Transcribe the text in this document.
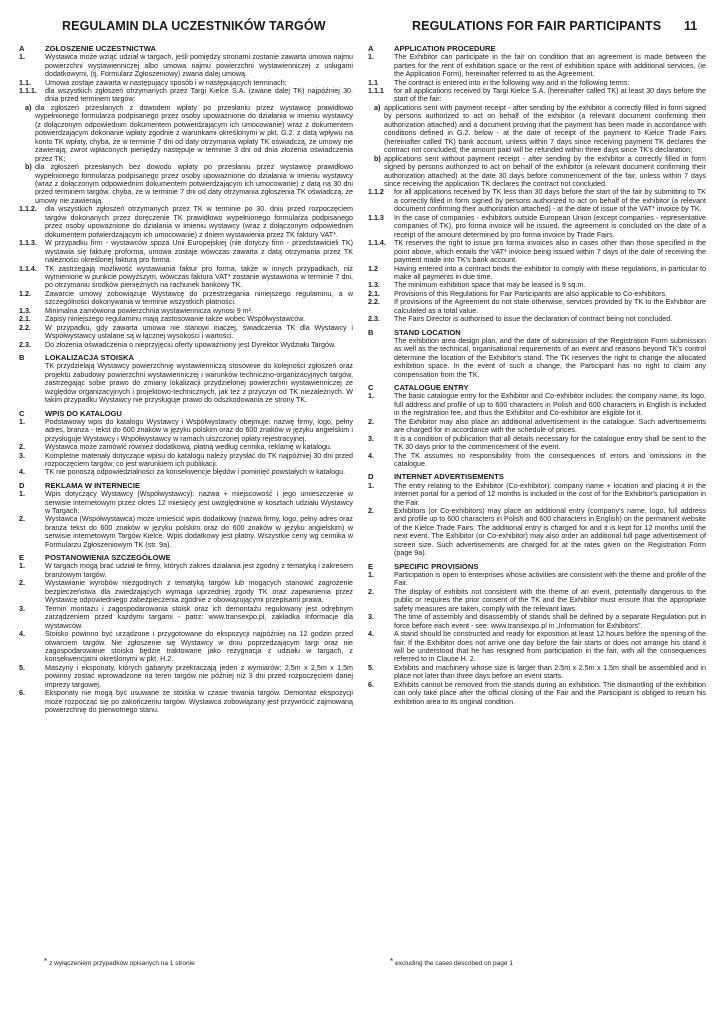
REGULAMIN DLA UCZESTNIKÓW TARGÓW	REGULATIONS FOR FAIR PARTICIPANTS 11
A	ZGŁOSZENIE UCZESTNICTWA
1.	Wystawca może wziąć udział w targach, jeśli pomiędzy stronami zostanie zawarta umowa najmu powierzchni wystawienniczej albo umowa najmu powierzchni wystawienniczej z usługami dodatkowymi, (tj. Formularz Zgłoszeniowy) zwana dalej umową.
1.1.	Umowa zostaje zawarta w następujący sposób i w następujących terminach:
1.1.1.	dla wszystkich zgłoszeń otrzymanych przez Targi Kielce S.A. (zwane dalej TK) najpóźniej 30. dnia przed terminem targów:
a) dla zgłoszeń przesłanych z dowodem wpłaty po przesłaniu przez wystawcę prawidłowo wypełnionego formularza podpisanego przez osoby upoważnione do działania w imieniu wystawcy (z dołączonym odpowiednim dokumentem potwierdzającym ich umocowanie) wraz z dokumentem potwierdzającym dokonanie wpłaty zgodnie z warunkami określonymi w pkt. G.2. z datą wpływu na konto TK wpłaty, chyba, że w terminie 7 dni od daty otrzymania wpłaty TK oświadczą, że umowy nie zawierają; zwrot wpłaconych pieniędzy następuje w terminie 3 dni od dnia złożenia oświadczenia przez TK;
b) dla zgłoszeń przesłanych bez dowodu wpłaty po przesłaniu przez wystawcę prawidłowo wypełnionego formularza podpisanego przez osoby upoważnione do działania w imieniu wystawcy (wraz z dołączonym odpowiednim dokumentem potwierdzającym ich umocowanie) z datą na 30 dni przed terminem targów, chyba, że w terminie 7 dni od daty otrzymania zgłoszenia TK oświadczą, że umowy nie zawierają.
1.1.2.	dla wszystkich zgłoszeń otrzymanych przez TK w terminie po 30. dniu przed rozpoczęciem targów dokonanych przez doręczenie TK prawidłowo wypełnionego formularza podpisanego przez osoby upoważnione do działania w imieniu wystawcy (wraz z dołączonym odpowiednim dokumentem potwierdzającym ich umocowanie) z dniem wystawienia przez TK faktury VAT*.
1.1.3.	W przypadku firm - wystawców spoza Unii Europejskiej (nie dotyczy firm - przedstawicieli TK) wystawia się fakturę proforma, umowa zostaje wówczas zawarta z datą otrzymania przez TK należności określonej fakturą pro forma.
1.1.4.	TK zastrzegają możliwość wystawiania faktur pro forma, także w innych przypadkach, niż wymienione w punkcie powyższym, wówczas faktura VAT* zostanie wystawiona w terminie 7 dni, po otrzymaniu środków pieniężnych na rachunek bankowy TK.
1.2.	Zawarcie umowy zobowiązuje Wystawcę do przestrzegania niniejszego regulaminu, a w szczególności dokonywania w terminie wszystkich płatności.
1.3.	Minimalna zamówiona powierzchnia wystawiennicza wynosi 9 m².
2.1.	Zapisy niniejszego regulaminu mają zastosowanie także wobec Współwystawców.
2.2.	W przypadku, gdy zawarta umowa nie stanowi inaczej, świadczenia TK dla Wystawcy i Współwystawcy ustalane są w łącznej wysokości i wartości.
2.3.	Do złożenia oświadczenia o nieprzyjęciu oferty upoważniony jest Dyrektor Wydziału Targów.
B	LOKALIZACJA STOISKA
TK przydzielają Wystawcy powierzchnię wystawienniczą stosownie do kolejności zgłoszeń oraz projektu zabudowy powierzchni wystawienniczej i warunków techniczno-organizacyjnych targów, zastrzegając sobie prawo do zmiany lokalizacji przydzielonej powierzchni wystawienniczej ze względów organizacyjnych i projektowo-technicznych, jak też z przyczyn od TK niezależnych. W takim przypadku Wystawcy nie przysługuje prawo do odszkodowania ze strony TK.
C	WPIS DO KATALOGU
1.	Podstawowy wpis do katalogu Wystawcy i Współwystawcy obejmuje: nazwę firmy, logo, pełny adres, branża - tekst do 600 znaków w języku polskim oraz do 600 znaków w języku angielskim i przysługuje Wystawcy i Współwystawcy w ramach uiszczonej opłaty rejestracyjnej.
2.	Wystawca może zamówić również dodatkową, płatną według cennika, reklamę w katalogu.
3.	Kompletne materiały dotyczące wpisu do katalogu należy przysłać do TK najpóźniej 30 dni przed rozpoczęciem targów, co jest warunkiem ich publikacji.
4.	TK nie ponoszą odpowiedzialności za konsekwencje błędów i pominięć powstałych w katalogu.
D	REKLAMA W INTERNECIE
1.	Wpis dotyczący Wystawcy (Współwystawcy): nazwa + miejscowość i jego umieszczenie w serwisie internetowym przez okres 12 miesięcy jest uwzględnione w kosztach udziału Wystawcy w Targach.
2.	Wystawca (Współwystawca) może umieścić wpis dodatkowy (nazwa firmy, logo, pełny adres oraz branża tekst do 600 znaków w języku polskim oraz do 600 znaków w języku angielskim) w serwisie internetowym Targów Kielce. Wpis dodatkowy jest płatny. Wszystkie ceny wg cennika w Formularzu Zgłoszeniowym TK (str. 9a).
E	POSTANOWIENIA SZCZEGÓŁOWE
1.	W targach mogą brać udział te firmy, których zakres działania jest zgodny z tematyką i zakresem branżowym targów.
2.	Wystawianie wyrobów niezgodnych z tematyką targów lub mogących stanowić zagrożenie bezpieczeństwa dla zwiedzających wymaga uprzedniej zgody TK oraz zapewnienia przez Wystawcę odpowiedniego zabezpieczenia zgodnie z obowiązującymi przepisami prawa.
3.	Termin montażu i zagospodarowania stoisk oraz ich demontażu regulowany jest odrębnym zarządzeniem przed każdymi targami - patrz: www.transexpo.pl, zakładka Informacje dla wystawców.
4.	Stoisko powinno być urządzone i przygotowane do ekspozycji najpóźniej na 12 godzin przed otwarciem targów. Nie zgłoszenie się Wystawcy w dniu poprzedzającym targi oraz nie zagospodarowanie stoiska będzie traktowane jako rezygnacja z udziału w targach, z konsekwencjami określonymi w pkt. H.2.
5.	Maszyny i eksponaty, których gabaryty przekraczają jeden z wymiarów: 2,5m x 2,5m x 1,5m powinny zostać wprowadzone na teren targów nie później niż 3 dni przed rozpoczęciem danej imprezy targowej.
6.	Eksponaty nie mogą być usuwane ze stoiska w czasie trwania targów. Demontaż ekspozycji może rozpocząć się po zakończeniu targów. Wystawca zobowiązany jest przywrócić zajmowaną powierzchnię do pierwotnego stanu.
A	APPLICATION PROCEDURE
1.	The Exhibitor can participate in the fair on condition that an agreement is made between the parties for the rent of exhibition space or the rent of exhibition space with additional services, (ie the Application Form), hereinafter referred to as the Agreement.
1.1	The contract is entered into in the following way and in the following terms:
1.1.1	for all applications received by Targi Kielce S.A. (hereinafter called TK) at least 30 days before the start of the fair:
a) applications sent with payment receipt - after sending by the exhibitor a correctly filled in form signed by persons authorized to act on behalf of the exhibitor (a relevant document confirming their authorization attached) and a document proving that the payment has been made in accordance with conditions defined in G.2. below - at the date of receipt of the payment to Kielce Trade Fairs (hereinafter called TK) bank account, unless within 7 days since receiving payment TK declares the contract not concluded; the amount paid will be refunded within three days since TK's declaration;
b) applications sent without payment receipt - after sending by the exhibitor a correctly filled in form signed by persons authorized to act on behalf of the exhibitor (a relevant document confirming their authorization attached) at the date 30 days before commencement of the fair, unless within 7 days since receiving the application TK declares the contract not concluded.
1.1.2	for all applications received by TK less than 30 days before the start of the fair by submitting to TK a correctly filled in form signed by persons authorized to act on behalf of the exhibitor (a relevant document confirming their authorization attached) - at the date of issue of the VAT* invoice by TK.
1.1.3	In the case of companies - exhibitors outside European Union (except companies - representative companies of TK), pro forma invoice will be issued, the agreement is concluded on the date of a receipt of the amount determined by pro forma invoice by Trade Fairs.
1.1.4.	TK reserves the right to issue pro forma invoices also in cases other than those specified in the point above, which entails the VAT* invoice being issued within 7 days of the date of receiving the payment made into TK's bank account.
1.2	Having entered into a contract binds the exhibitor to comply with these regulations, in particular to make all payments in due time.
1.3.	The minimum exhibition space that may be leased is 9 sq.m.
2.1.	Provisions of this Regulations for Fair Participants are also applicable to Co-exhibitors.
2.2.	If provisions of the Agreement do not state otherwise, services provided by TK to the Exhibitor are calculated as a total value.
2.3.	The Fairs Director is authorised to issue the declaration of contract being not concluded.
B	STAND LOCATION
The exhibition area design plan, and the date of submission of the Registration Form submission as well as the technical, organisational requirements of an event and reasons beyond TK's control determine the location of the Exhibitor's stand. The TK reserves the right to change the allocated exhibition space. In the event of such a change, the Participant has no right to claim any compensation from the TK.
C	CATALOGUE ENTRY
1.	The basic catalogue entry for the Exhibitor and Co-exhibitor includes: the company name, its logo, full address and profile of up to 600 characters in Polish and 600 characters in English is included in the registration fee, and thus the Exhibitor and Co-exhibitor are eligible for it.
2.	The Exhibitor may also place an additional advertisement in the catalogue. Such advertisements are charged for in accordance with the schedule of prices.
3.	It is a condition of publication that all details necessary for the catalogue entry shall be sent to the TK 30 days prior to the commencement of the event.
4.	The TK assumes no responsibility from the consequences of errors and omissions in the catalogue.
D	INTERNET ADVERTISEMENTS
1.	The entry relating to the Exhibitor (Co-exhibitor): company name + location and placing it in the Internet portal for a period of 12 months is included in the cost of for the Exhibitor's participation in the Fair.
2.	Exhibitors (or Co-exhibitors) may place an additional entry (company's name, logo, full address and profile up to 600 characters in Polish and 600 characters in English) on the permanent website of the Kielce Trade Fairs. The additional entry is charged for and it is kept for 12 months until the next event. The Exhibitor (or Co-exhibitor) may also order an additional full page advertisement of screen size. Such advertisements are charged for at the rates given on the Registration Form (page 9a).
E	SPECIFIC PROVISIONS
1.	Participation is open to enterprises whose activities are consistent with the theme and profile of the Fair.
2.	The display of exhibits not consistent with the theme of an event, potentially dangerous to the public or requires the prior consent of the TK and the Exhibitor must ensure that the appropriate safety measures are taken, comply with the relevant laws.
3.	The time of assembly and disassembly of stands shall be defined by a separate Regulation put in force before each event - see: www.transexpo.pl in „Information for Exhibitors”.
4.	A stand should be constructed and ready for exposition at least 12 hours before the opening of the fair. If the Exhibitor does not arrive one day before the fair starts or does not arrange his stand it will be understood that he has resigned from participation in the fair, with all the consequences referred to in Clause H. 2.
5.	Exhibits and machinery whose size is larger than 2.5m x 2.5m x 1.5m shall be assembled and in place not later than three days before an event starts.
6.	Exhibits cannot be removed from the stands during an exhibition. The dismantling of the exhibition can only take place after the official closing of the Fair and the Participant is obliged to return his exhibition area to its original condition.
* z wyłączeniem przypadków opisanych na 1 stronie	* excluding the cases described on page 1
